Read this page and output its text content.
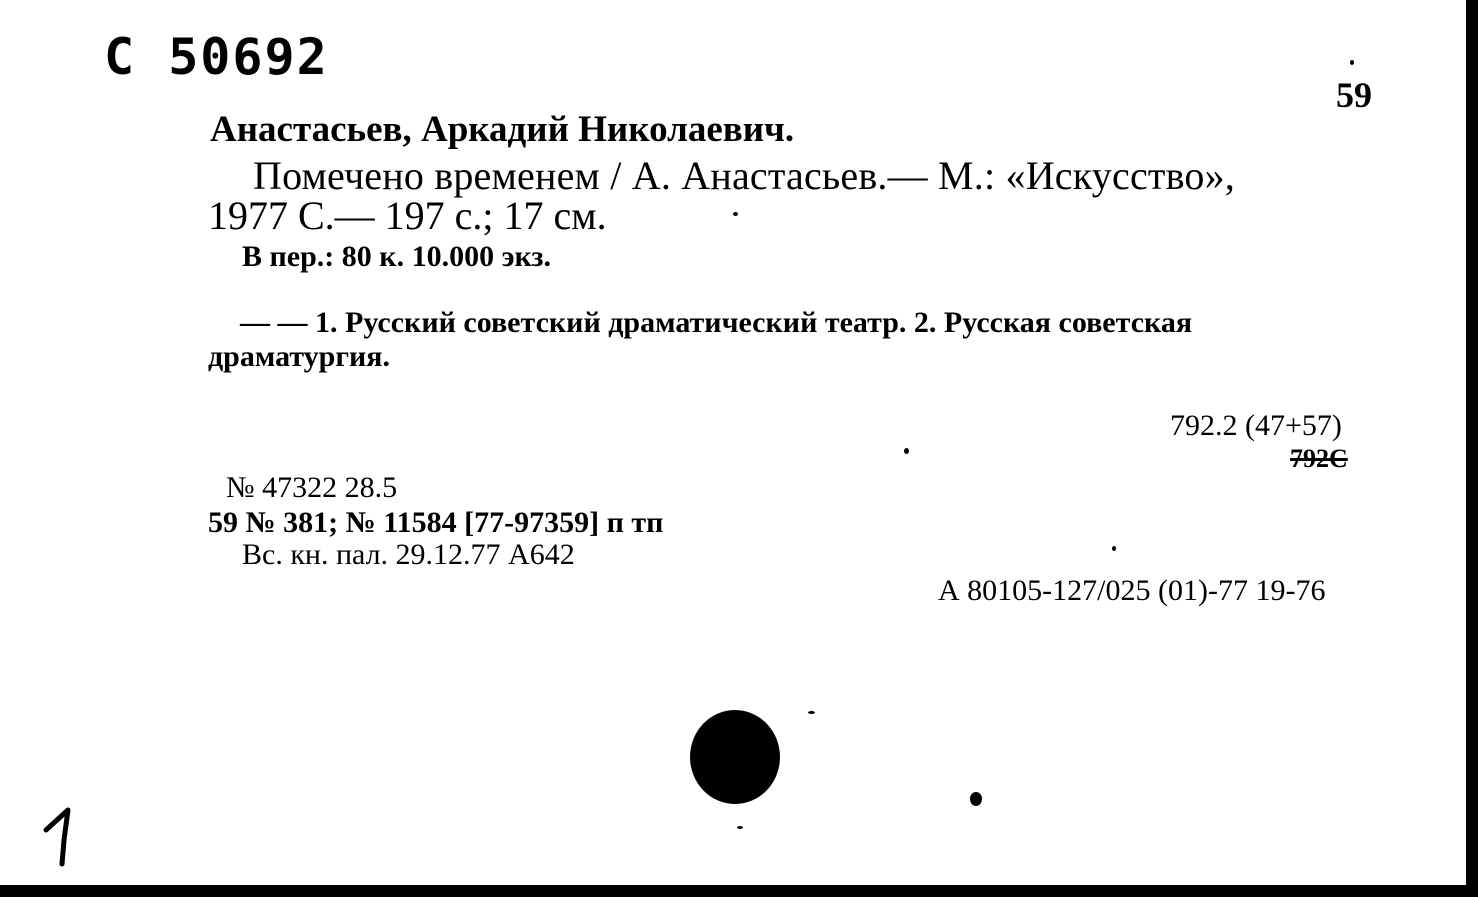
С 50692
59
Анастасьев, Аркадий Николаевич.
Помечено временем / А. Анастасьев.— М.: «Искусство»,
1977 С.— 197 с.; 17 см.
В пер.: 80 к. 10.000 экз.
— — 1. Русский советский драматический театр. 2. Русская советская
драматургия.
792.2 (47+57)
792С
№ 47322 28.5
59 № 381; № 11584 [77-97359] п тп
Вс. кн. пал. 29.12.77 А642
А 80105-127/025 (01)-77 19-76
